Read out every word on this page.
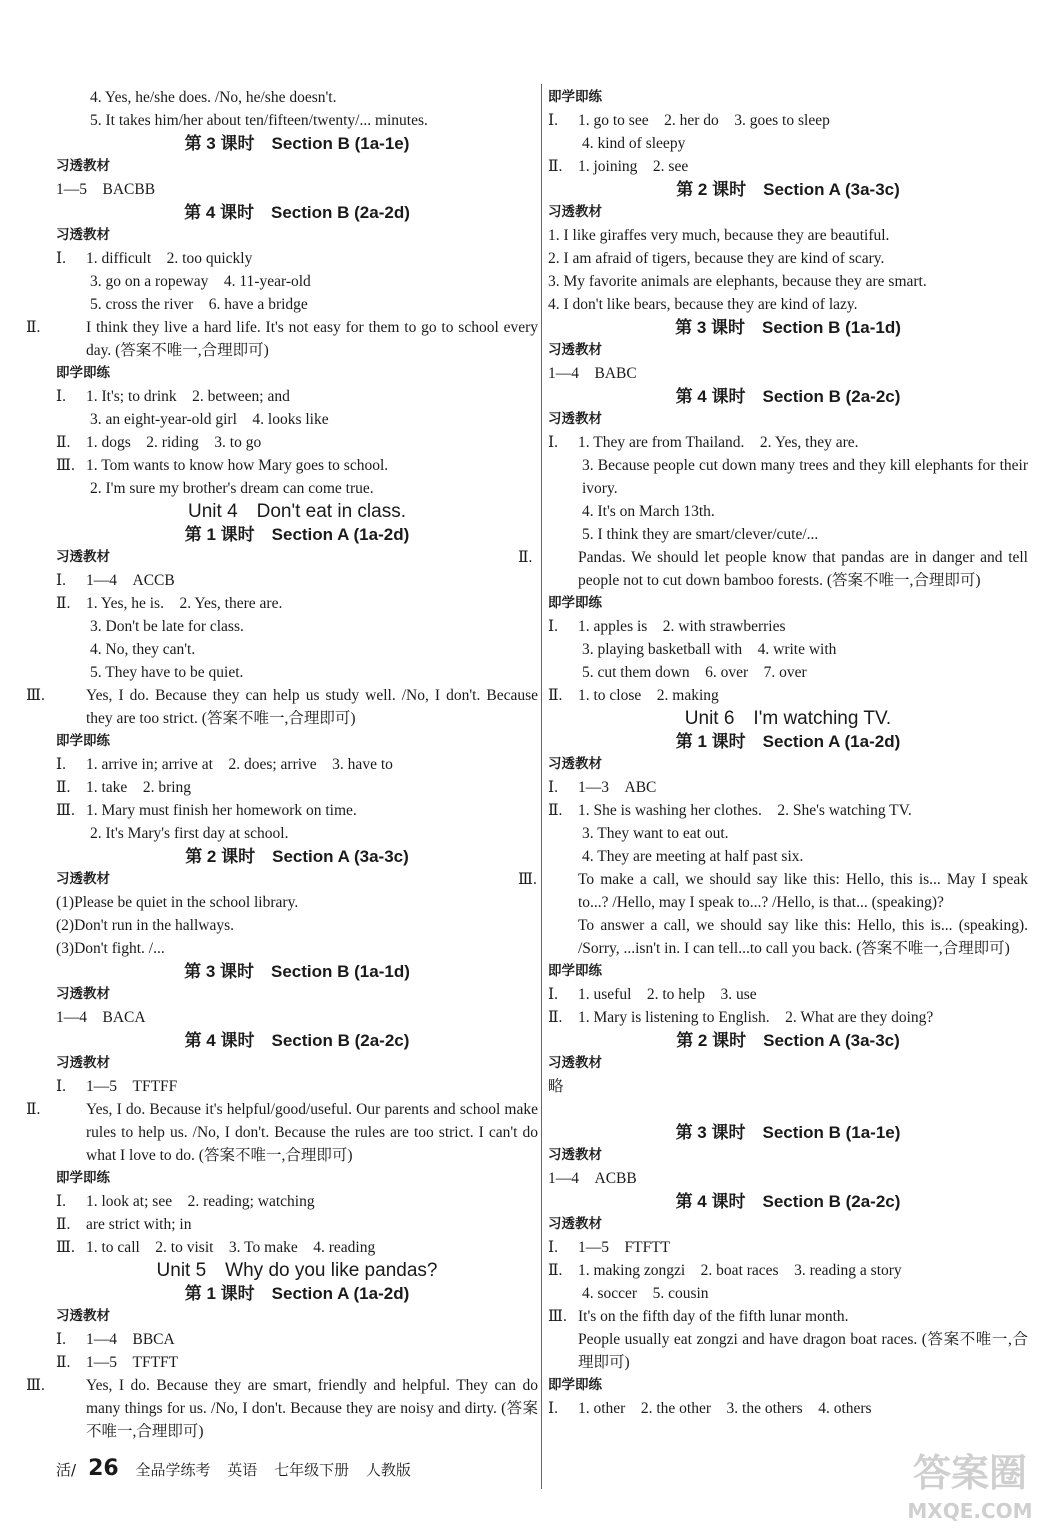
4. Yes, he/she does. /No, he/she doesn't.
5. It takes him/her about ten/fifteen/twenty/... minutes.
第 3 课时　Section B (1a-1e)
习透教材
1—5　BACBB
第 4 课时　Section B (2a-2d)
习透教材
Ⅰ. 1. difficult　2. too quickly
3. go on a ropeway　4. 11-year-old
5. cross the river　6. have a bridge
Ⅱ.	I think they live a hard life. It's not easy for them to go to school every day. (答案不唯一,合理即可)
即学即练
Ⅰ. 1. It's; to drink　2. between; and
3. an eight-year-old girl　4. looks like
Ⅱ. 1. dogs　2. riding　3. to go
Ⅲ. 1. Tom wants to know how Mary goes to school.
2. I'm sure my brother's dream can come true.
Unit 4　Don't eat in class.
第 1 课时　Section A (1a-2d)
习透教材
Ⅰ. 1—4　ACCB
Ⅱ. 1. Yes, he is.　2. Yes, there are.
3. Don't be late for class.
4. No, they can't.
5. They have to be quiet.
Ⅲ.	Yes, I do. Because they can help us study well. /No, I don't. Because they are too strict. (答案不唯一,合理即可)
即学即练
Ⅰ. 1. arrive in; arrive at　2. does; arrive　3. have to
Ⅱ. 1. take　2. bring
Ⅲ. 1. Mary must finish her homework on time.
2. It's Mary's first day at school.
第 2 课时　Section A (3a-3c)
习透教材
(1)Please be quiet in the school library.
(2)Don't run in the hallways.
(3)Don't fight. /...
第 3 课时　Section B (1a-1d)
习透教材
1—4　BACA
第 4 课时　Section B (2a-2c)
习透教材
Ⅰ. 1—5　TFTFF
Ⅱ.	Yes, I do. Because it's helpful/good/useful. Our parents and school make rules to help us. /No, I don't. Because the rules are too strict. I can't do what I love to do. (答案不唯一,合理即可)
即学即练
Ⅰ. 1. look at; see　2. reading; watching
Ⅱ. are strict with; in
Ⅲ. 1. to call　2. to visit　3. To make　4. reading
Unit 5　Why do you like pandas?
第 1 课时　Section A (1a-2d)
习透教材
Ⅰ. 1—4　BBCA
Ⅱ. 1—5　TFTFT
Ⅲ.	Yes, I do. Because they are smart, friendly and helpful. They can do many things for us. /No, I don't. Because they are noisy and dirty. (答案不唯一,合理即可)
即学即练
Ⅰ. 1. go to see　2. her do　3. goes to sleep
4. kind of sleepy
Ⅱ. 1. joining　2. see
第 2 课时　Section A (3a-3c)
习透教材
1. I like giraffes very much, because they are beautiful.
2. I am afraid of tigers, because they are kind of scary.
3. My favorite animals are elephants, because they are smart.
4. I don't like bears, because they are kind of lazy.
第 3 课时　Section B (1a-1d)
习透教材
1—4　BABC
第 4 课时　Section B (2a-2c)
习透教材
Ⅰ. 1. They are from Thailand.　2. Yes, they are.
3. Because people cut down many trees and they kill elephants for their ivory.
4. It's on March 13th.
5. I think they are smart/clever/cute/...
Ⅱ.	Pandas. We should let people know that pandas are in danger and tell people not to cut down bamboo forests. (答案不唯一,合理即可)
即学即练
Ⅰ. 1. apples is　2. with strawberries
3. playing basketball with　4. write with
5. cut them down　6. over　7. over
Ⅱ. 1. to close　2. making
Unit 6　I'm watching TV.
第 1 课时　Section A (1a-2d)
习透教材
Ⅰ. 1—3　ABC
Ⅱ. 1. She is washing her clothes.　2. She's watching TV.
3. They want to eat out.
4. They are meeting at half past six.
Ⅲ.	To make a call, we should say like this: Hello, this is... May I speak to...? /Hello, may I speak to...? /Hello, is that... (speaking)?
To answer a call, we should say like this: Hello, this is... (speaking). /Sorry, ...isn't in. I can tell...to call you back. (答案不唯一,合理即可)
即学即练
Ⅰ. 1. useful　2. to help　3. use
Ⅱ. 1. Mary is listening to English.　2. What are they doing?
第 2 课时　Section A (3a-3c)
习透教材
略
第 3 课时　Section B (1a-1e)
习透教材
1—4　ACBB
第 4 课时　Section B (2a-2c)
习透教材
Ⅰ. 1—5　FTFTT
Ⅱ. 1. making zongzi　2. boat races　3. reading a story
4. soccer　5. cousin
Ⅲ. It's on the fifth day of the fifth lunar month.
People usually eat zongzi and have dragon boat races. (答案不唯一,合理即可)
即学即练
Ⅰ. 1. other　2. the other　3. the others　4. others
活/ 26 全品学练考 英语 七年级下册 人教版	答案圈
MXQE.COM
